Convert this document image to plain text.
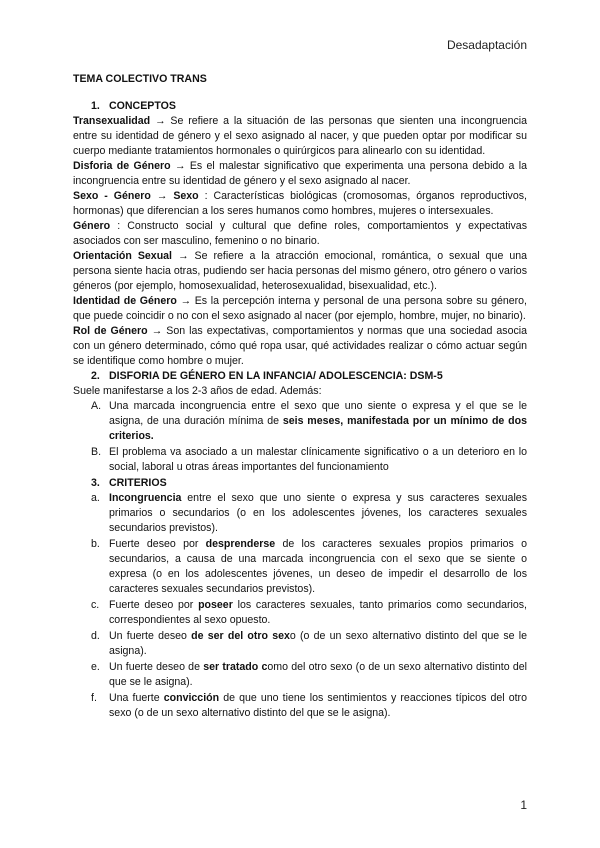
Desadaptación

TEMA COLECTIVO TRANS

1. CONCEPTOS

Transexualidad → Se refiere a la situación de las personas que sienten una incongruencia entre su identidad de género y el sexo asignado al nacer, y que pueden optar por modificar su cuerpo mediante tratamientos hormonales o quirúrgicos para alinearlo con su identidad.

Disforia de Género → Es el malestar significativo que experimenta una persona debido a la incongruencia entre su identidad de género y el sexo asignado al nacer.

Sexo - Género → Sexo : Características biológicas (cromosomas, órganos reproductivos, hormonas) que diferencian a los seres humanos como hombres, mujeres o intersexuales.

Género : Constructo social y cultural que define roles, comportamientos y expectativas asociados con ser masculino, femenino o no binario.

Orientación Sexual → Se refiere a la atracción emocional, romántica, o sexual que una persona siente hacia otras, pudiendo ser hacia personas del mismo género, otro género o varios géneros (por ejemplo, homosexualidad, heterosexualidad, bisexualidad, etc.).

Identidad de Género → Es la percepción interna y personal de una persona sobre su género, que puede coincidir o no con el sexo asignado al nacer (por ejemplo, hombre, mujer, no binario).

Rol de Género → Son las expectativas, comportamientos y normas que una sociedad asocia con un género determinado, cómo qué ropa usar, qué actividades realizar o cómo actuar según se identifique como hombre o mujer.

2. DISFORIA DE GÉNERO EN LA INFANCIA/ ADOLESCENCIA: DSM-5

Suele manifestarse a los 2-3 años de edad. Además:

A. Una marcada incongruencia entre el sexo que uno siente o expresa y el que se le asigna, de una duración mínima de seis meses, manifestada por un mínimo de dos criterios.
B. El problema va asociado a un malestar clínicamente significativo o a un deterioro en lo social, laboral u otras áreas importantes del funcionamiento

3. CRITERIOS

a. Incongruencia entre el sexo que uno siente o expresa y sus caracteres sexuales primarios o secundarios (o en los adolescentes jóvenes, los caracteres sexuales secundarios previstos).
b. Fuerte deseo por desprenderse de los caracteres sexuales propios primarios o secundarios, a causa de una marcada incongruencia con el sexo que se siente o expresa (o en los adolescentes jóvenes, un deseo de impedir el desarrollo de los caracteres sexuales secundarios previstos).
c. Fuerte deseo por poseer los caracteres sexuales, tanto primarios como secundarios, correspondientes al sexo opuesto.
d. Un fuerte deseo de ser del otro sexo (o de un sexo alternativo distinto del que se le asigna).
e. Un fuerte deseo de ser tratado como del otro sexo (o de un sexo alternativo distinto del que se le asigna).
f. Una fuerte convicción de que uno tiene los sentimientos y reacciones típicos del otro sexo (o de un sexo alternativo distinto del que se le asigna).
1
